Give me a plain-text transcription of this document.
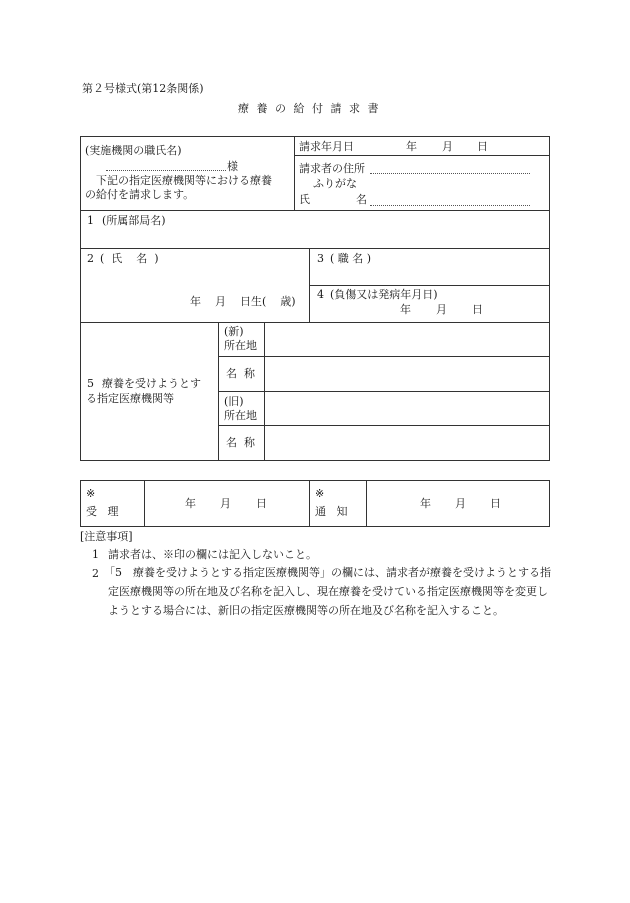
第２号様式(第12条関係)
療 養 の 給 付 請 求 書
(実施機関の職氏名)
様
下記の指定医療機関等における療養
の給付を請求します。
請求年月日	年 月 日
請求者の住所
ふりがな
氏	名
1 (所属部局名)
2 (  氏    名  )
年    月    日生(    歳)
3 ( 職 名 )
4 (負傷又は発病年月日)
年 月 日
5 療養を受けようとす
る指定医療機関等
(新)
所在地
名  称
(旧)
所在地
名  称
※
受   理
年 月 日
※
通   知
年 月 日
[注意事項]
1 請求者は、※印の欄には記入しないこと。
2 「5　療養を受けようとする指定医療機関等」の欄には、請求者が療養を受けようとする指定医療機関等の所在地及び名称を記入し、現在療養を受けている指定医療機関等を変更しようとする場合には、新旧の指定医療機関等の所在地及び名称を記入すること。
